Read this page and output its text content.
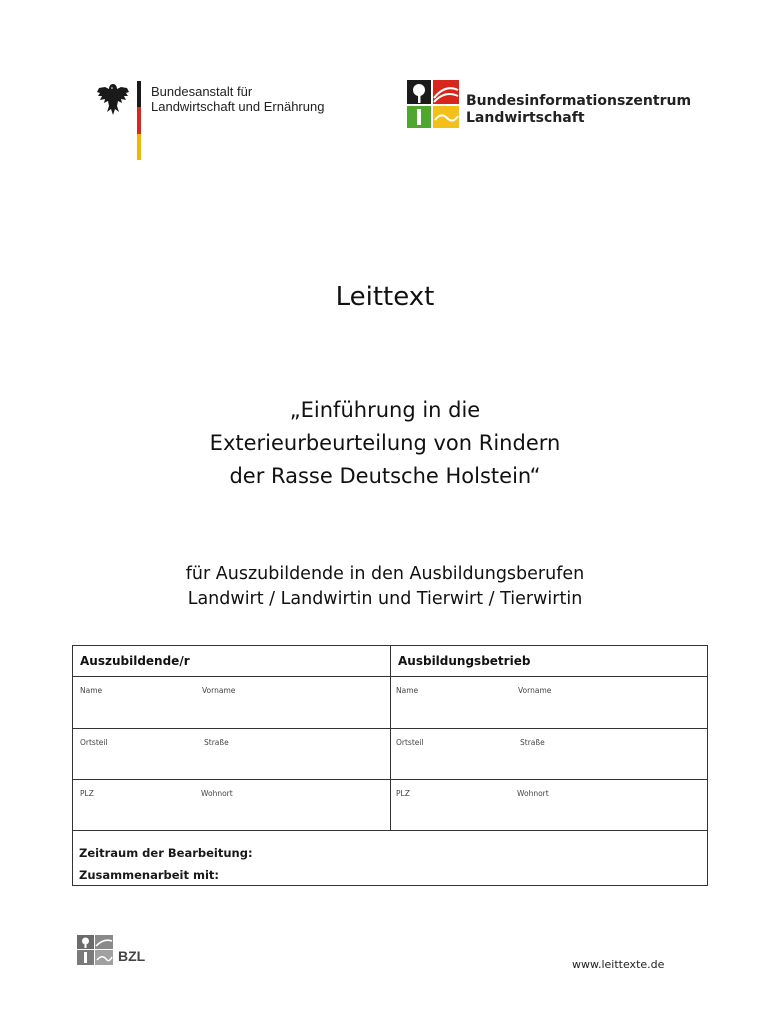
Bundesanstalt für
Landwirtschaft und Ernährung	Bundesinformationszentrum
Landwirtschaft
Leittext
„Einführung in die
Exterieurbeurteilung von Rindern
der Rasse Deutsche Holstein“
für Auszubildende in den Ausbildungsberufen
Landwirt / Landwirtin und Tierwirt / Tierwirtin
Auszubildende/r	Ausbildungsbetrieb
Name	Vorname	Name	Vorname
Ortsteil	Straße	Ortsteil	Straße
PLZ	Wohnort	PLZ	Wohnort
Zeitraum der Bearbeitung:
Zusammenarbeit mit:
BZL
www.leittexte.de
